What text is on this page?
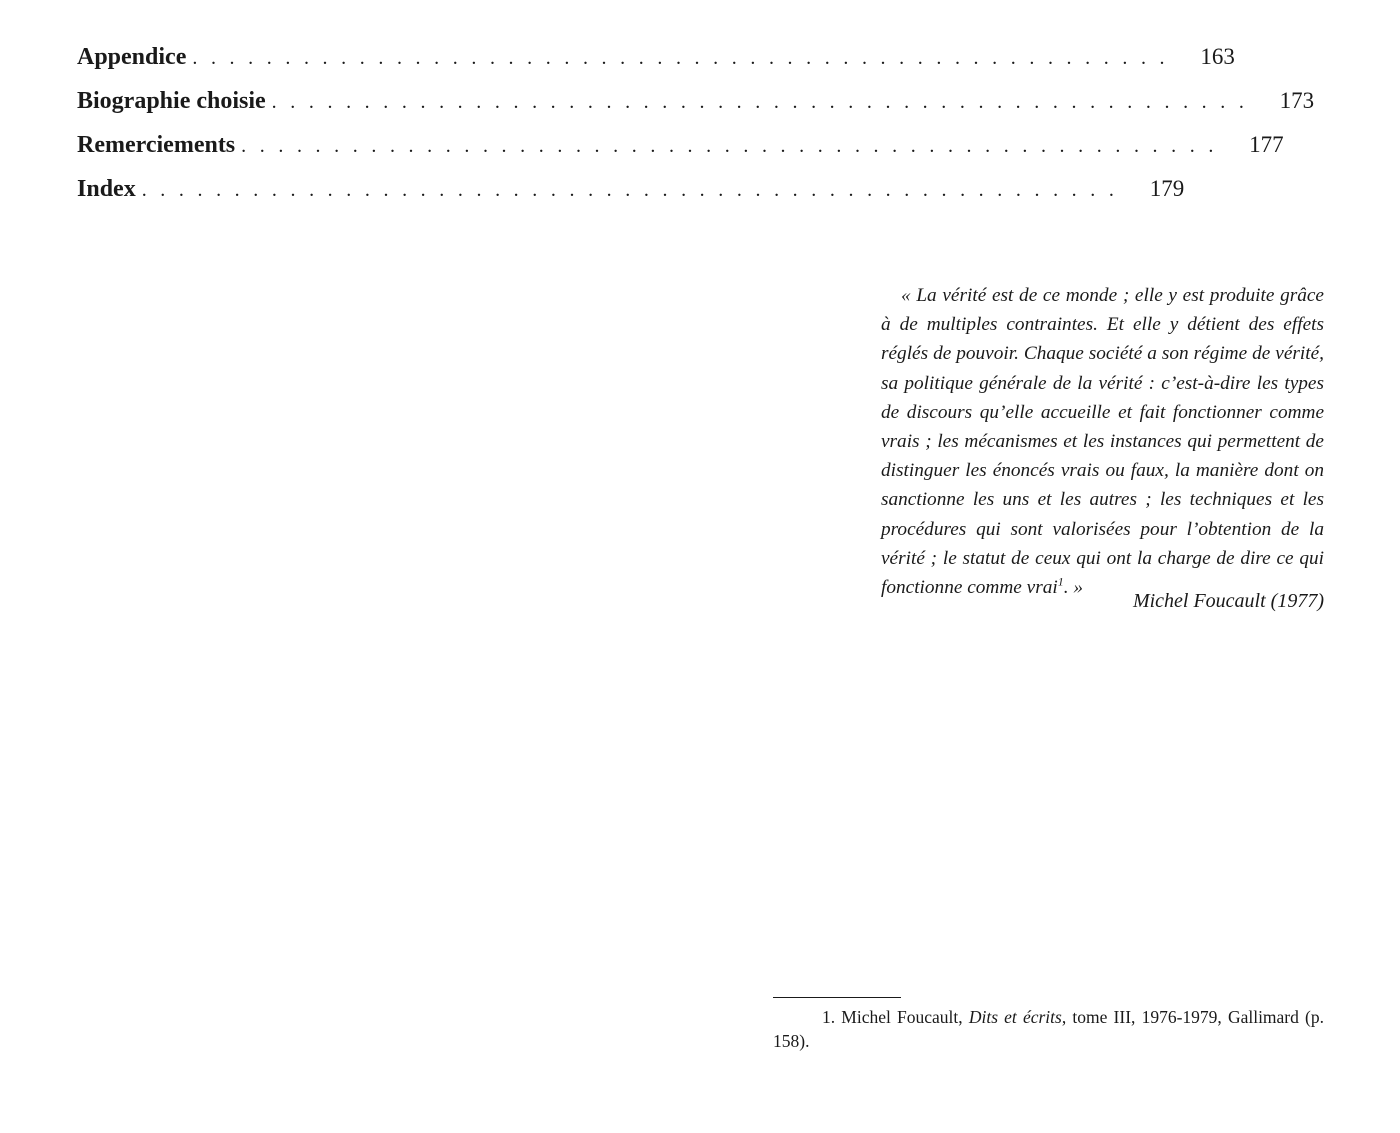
Appendice . . . . . . . . . . . . . . . . . . . . . . . . . . . . . . . . . . . . . . . . . . . . . . . . . . . . . 163
Biographie choisie . . . . . . . . . . . . . . . . . . . . . . . . . . . . . . . . . . . . . . . . . . . . . . . . . . . . . 173
Remerciements . . . . . . . . . . . . . . . . . . . . . . . . . . . . . . . . . . . . . . . . . . . . . . . . . . . . . 177
Index . . . . . . . . . . . . . . . . . . . . . . . . . . . . . . . . . . . . . . . . . . . . . . . . . . . . . 179

« La vérité est de ce monde ; elle y est produite grâce à de multiples contraintes. Et elle y détient des effets réglés de pouvoir. Chaque société a son régime de vérité, sa politique générale de la vérité : c’est-à-dire les types de discours qu’elle accueille et fait fonctionner comme vrais ; les mécanismes et les instances qui permettent de distinguer les énoncés vrais ou faux, la manière dont on sanctionne les uns et les autres ; les techniques et les procédures qui sont valorisées pour l’obtention de la vérité ; le statut de ceux qui ont la charge de dire ce qui fonctionne comme vrai$^1$. »

Michel Foucault (1977)

1. Michel Foucault, Dits et écrits, tome III, 1976-1979, Gallimard (p. 158).
